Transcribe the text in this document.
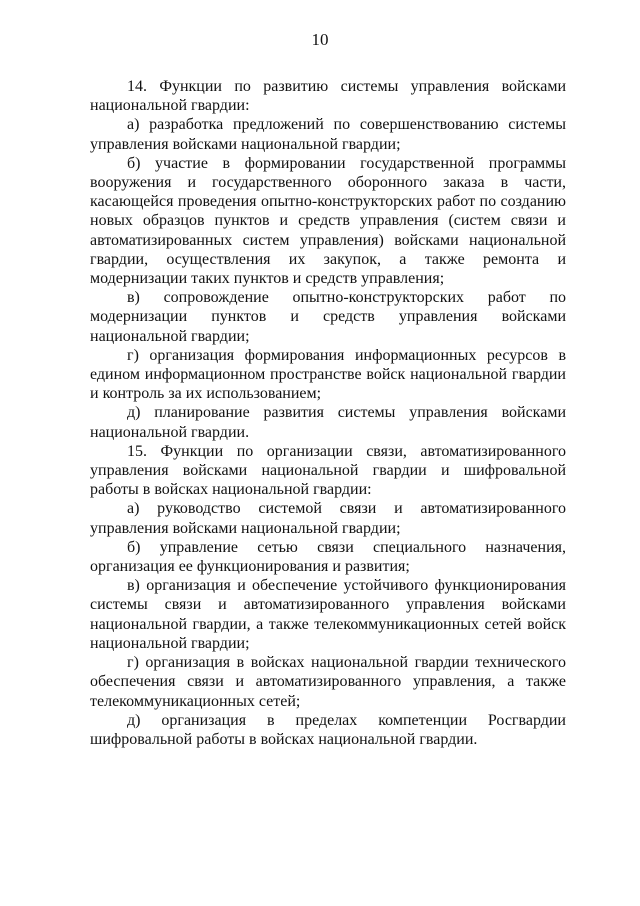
10

14. Функции по развитию системы управления войсками национальной гвардии:

а) разработка предложений по совершенствованию системы управления войсками национальной гвардии;

б) участие в формировании государственной программы вооружения и государственного оборонного заказа в части, касающейся проведения опытно-конструкторских работ по созданию новых образцов пунктов и средств управления (систем связи и автоматизированных систем управления) войсками национальной гвардии, осуществления их закупок, а также ремонта и модернизации таких пунктов и средств управления;

в) сопровождение опытно-конструкторских работ по модернизации пунктов и средств управления войсками национальной гвардии;

г) организация формирования информационных ресурсов в едином информационном пространстве войск национальной гвардии и контроль за их использованием;

д) планирование развития системы управления войсками национальной гвардии.

15. Функции по организации связи, автоматизированного управления войсками национальной гвардии и шифровальной работы в войсках национальной гвардии:

а) руководство системой связи и автоматизированного управления войсками национальной гвардии;

б) управление сетью связи специального назначения, организация ее функционирования и развития;

в) организация и обеспечение устойчивого функционирования системы связи и автоматизированного управления войсками национальной гвардии, а также телекоммуникационных сетей войск национальной гвардии;

г) организация в войсках национальной гвардии технического обеспечения связи и автоматизированного управления, а также телекоммуникационных сетей;

д) организация в пределах компетенции Росгвардии шифровальной работы в войсках национальной гвардии.
